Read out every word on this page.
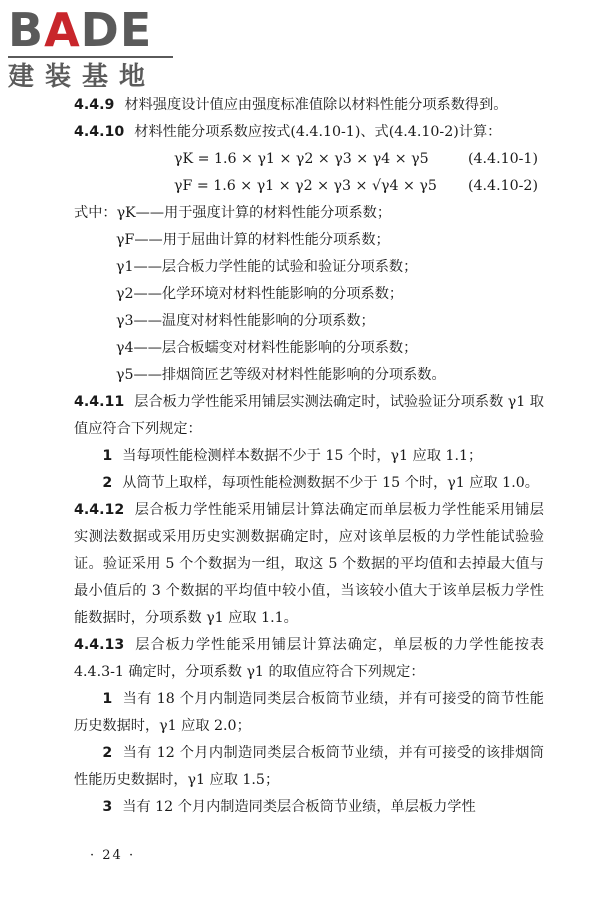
BADE
建装基地

4.4.9 材料强度设计值应由强度标准值除以材料性能分项系数得到。

4.4.10 材料性能分项系数应按式(4.4.10-1)、式(4.4.10-2)计算：

γK = 1.6 × γ1 × γ2 × γ3 × γ4 × γ5	(4.4.10-1)
γF = 1.6 × γ1 × γ2 × γ3 × √γ4 × γ5 (4.4.10-2)
式中：γK——用于强度计算的材料性能分项系数；
γF——用于屈曲计算的材料性能分项系数；
γ1——层合板力学性能的试验和验证分项系数；
γ2——化学环境对材料性能影响的分项系数；
γ3——温度对材料性能影响的分项系数；
γ4——层合板蠕变对材料性能影响的分项系数；
γ5——排烟筒匠艺等级对材料性能影响的分项系数。

4.4.11 层合板力学性能采用铺层实测法确定时，试验验证分项系数 γ1 取值应符合下列规定：

1 当每项性能检测样本数据不少于 15 个时，γ1 应取 1.1；

2 从筒节上取样，每项性能检测数据不少于 15 个时，γ1 应取 1.0。

4.4.12 层合板力学性能采用铺层计算法确定而单层板力学性能采用铺层实测法数据或采用历史实测数据确定时，应对该单层板的力学性能试验验证。验证采用 5 个个数据为一组，取这 5 个数据的平均值和去掉最大值与最小值后的 3 个数据的平均值中较小值，当该较小值大于该单层板力学性能数据时，分项系数 γ1 应取 1.1。

4.4.13 层合板力学性能采用铺层计算法确定，单层板的力学性能按表 4.4.3-1 确定时，分项系数 γ1 的取值应符合下列规定：

1 当有 18 个月内制造同类层合板筒节业绩，并有可接受的筒节性能历史数据时，γ1 应取 2.0；

2 当有 12 个月内制造同类层合板筒节业绩，并有可接受的该排烟筒性能历史数据时，γ1 应取 1.5；

3 当有 12 个月内制造同类层合板筒节业绩，单层板力学性

· 24 ·
